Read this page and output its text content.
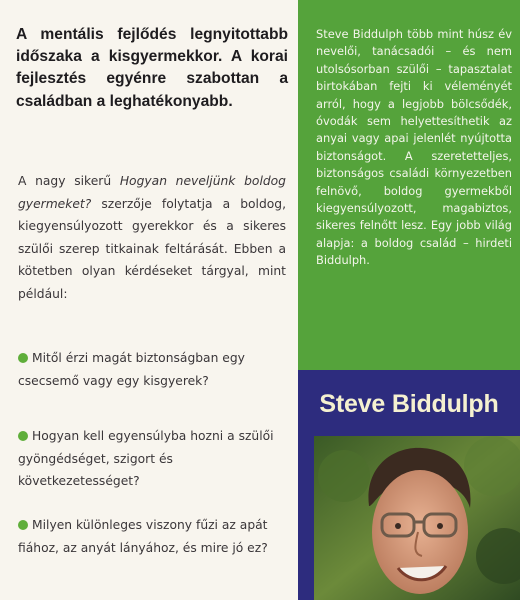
A mentális fejlődés legnyitottabb időszaka a kisgyermekkor. A korai fejlesztés egyénre szabottan a családban a leghatékonyabb.

A nagy sikerű Hogyan neveljünk boldog gyermeket? szerzője folytatja a boldog, kiegyensúlyozott gyerekkor és a sikeres szülői szerep titkainak feltárását. Ebben a kötetben olyan kérdéseket tárgyal, mint például:

Mitől érzi magát biztonságban egy csecsemő vagy egy kisgyerek?

Hogyan kell egyensúlyba hozni a szülői gyöngédséget, szigort és következetességet?

Milyen különleges viszony fűzi az apát fiához, az anyát lányához, és mire jó ez?

Steve Biddulph több mint húsz év nevelői, tanácsadói – és nem utolsósorban szülői – tapasztalat birtokában fejti ki véleményét arról, hogy a legjobb bölcsődék, óvodák sem helyettesíthetik az anyai vagy apai jelenlét nyújtotta biztonságot. A szeretetteljes, biztonságos családi környezetben felnövő, boldog gyermekből kiegyensúlyozott, magabiztos, sikeres felnőtt lesz. Egy jobb világ alapja: a boldog család – hirdeti Biddulph.

Steve Biddulph
